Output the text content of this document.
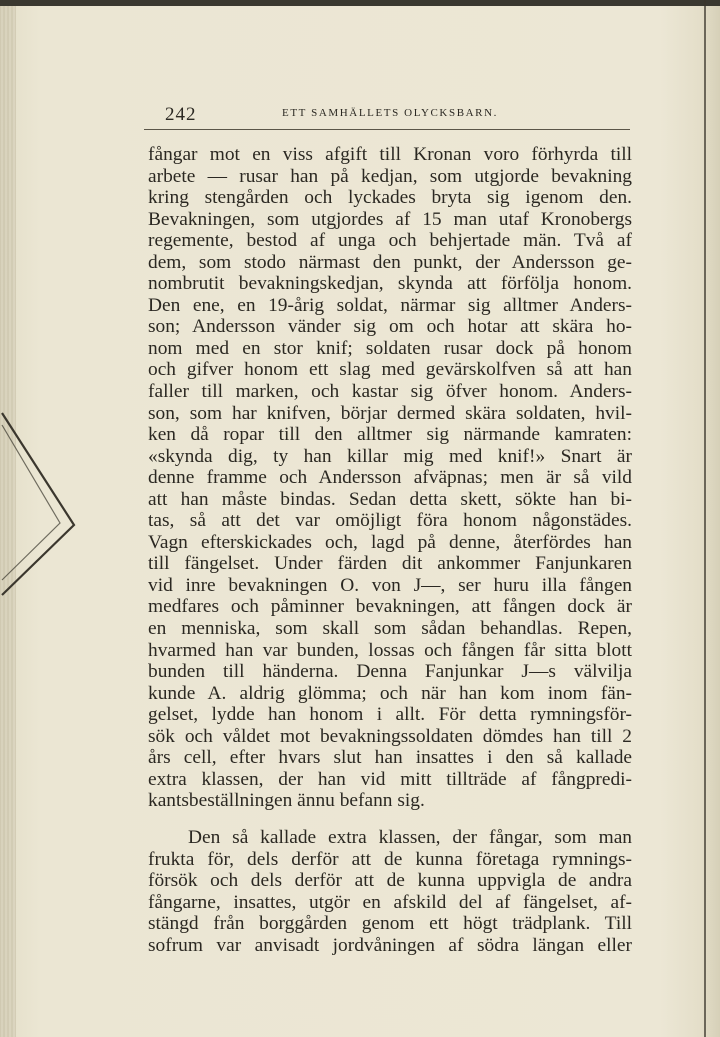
242	ETT SAMHÄLLETS OLYCKSBARN.
fångar mot en viss afgift till Kronan voro förhyrda till
arbete — rusar han på kedjan, som utgjorde bevakning
kring stengården och lyckades bryta sig igenom den.
Bevakningen, som utgjordes af 15 man utaf Kronobergs
regemente, bestod af unga och behjertade män. Två af
dem, som stodo närmast den punkt, der Andersson ge-
nombrutit bevakningskedjan, skynda att förfölja honom.
Den ene, en 19-årig soldat, närmar sig alltmer Anders-
son; Andersson vänder sig om och hotar att skära ho-
nom med en stor knif; soldaten rusar dock på honom
och gifver honom ett slag med gevärskolfven så att han
faller till marken, och kastar sig öfver honom. Anders-
son, som har knifven, börjar dermed skära soldaten, hvil-
ken då ropar till den alltmer sig närmande kamraten:
«skynda dig, ty han killar mig med knif!» Snart är
denne framme och Andersson afväpnas; men är så vild
att han måste bindas. Sedan detta skett, sökte han bi-
tas, så att det var omöjligt föra honom någonstädes.
Vagn efterskickades och, lagd på denne, återfördes han
till fängelset. Under färden dit ankommer Fanjunkaren
vid inre bevakningen O. von J—, ser huru illa fången
medfares och påminner bevakningen, att fången dock är
en menniska, som skall som sådan behandlas. Repen,
hvarmed han var bunden, lossas och fången får sitta blott
bunden till händerna. Denna Fanjunkar J—s välvilja
kunde A. aldrig glömma; och när han kom inom fän-
gelset, lydde han honom i allt. För detta rymningsför-
sök och våldet mot bevakningssoldaten dömdes han till 2
års cell, efter hvars slut han insattes i den så kallade
extra klassen, der han vid mitt tillträde af fångpredi-
kantsbeställningen ännu befann sig.
Den så kallade extra klassen, der fångar, som man
frukta för, dels derför att de kunna företaga rymnings-
försök och dels derför att de kunna uppvigla de andra
fångarne, insattes, utgör en afskild del af fängelset, af-
stängd från borggården genom ett högt trädplank. Till
sofrum var anvisadt jordvåningen af södra längan eller
